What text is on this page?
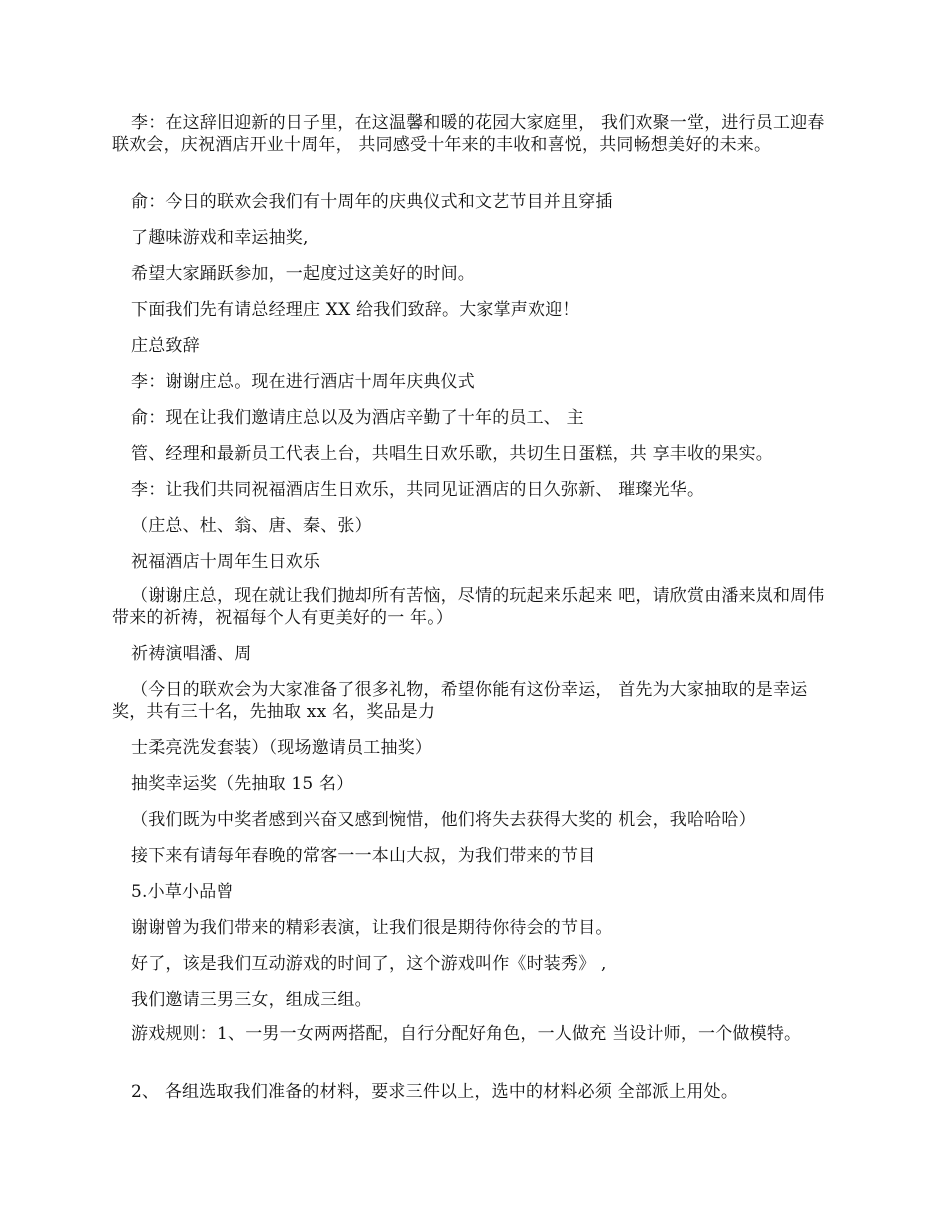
李：在这辞旧迎新的日子里，在这温馨和暖的花园大家庭里， 我们欢聚一堂，进行员工迎春联欢会，庆祝酒店开业十周年， 共同感受十年来的丰收和喜悦，共同畅想美好的未来。

俞：今日的联欢会我们有十周年的庆典仪式和文艺节目并且穿插

了趣味游戏和幸运抽奖,

希望大家踊跃参加，一起度过这美好的时间。

下面我们先有请总经理庄 XX 给我们致辞。大家掌声欢迎！

庄总致辞

李：谢谢庄总。现在进行酒店十周年庆典仪式

俞：现在让我们邀请庄总以及为酒店辛勤了十年的员工、 主

管、经理和最新员工代表上台，共唱生日欢乐歌，共切生日蛋糕，共 享丰收的果实。

李：让我们共同祝福酒店生日欢乐，共同见证酒店的日久弥新、 璀璨光华。

（庄总、杜、翁、唐、秦、张）

祝福酒店十周年生日欢乐

（谢谢庄总，现在就让我们抛却所有苦恼，尽情的玩起来乐起来 吧，请欣赏由潘来岚和周伟带来的祈祷，祝福每个人有更美好的一 年。）

祈祷演唱潘、周

（今日的联欢会为大家准备了很多礼物，希望你能有这份幸运， 首先为大家抽取的是幸运奖，共有三十名，先抽取 xx 名，奖品是力

士柔亮洗发套装）（现场邀请员工抽奖）

抽奖幸运奖（先抽取 15 名）

（我们既为中奖者感到兴奋又感到惋惜，他们将失去获得大奖的 机会，我哈哈哈）

接下来有请每年春晚的常客一一本山大叔，为我们带来的节目

5.小草小品曾

谢谢曾为我们带来的精彩表演，让我们很是期待你待会的节目。

好了，该是我们互动游戏的时间了，这个游戏叫作《时装秀》 ,

我们邀请三男三女，组成三组。

游戏规则：1、一男一女两两搭配，自行分配好角色，一人做充 当设计师，一个做模特。

2、 各组选取我们准备的材料，要求三件以上，选中的材料必须 全部派上用处。
